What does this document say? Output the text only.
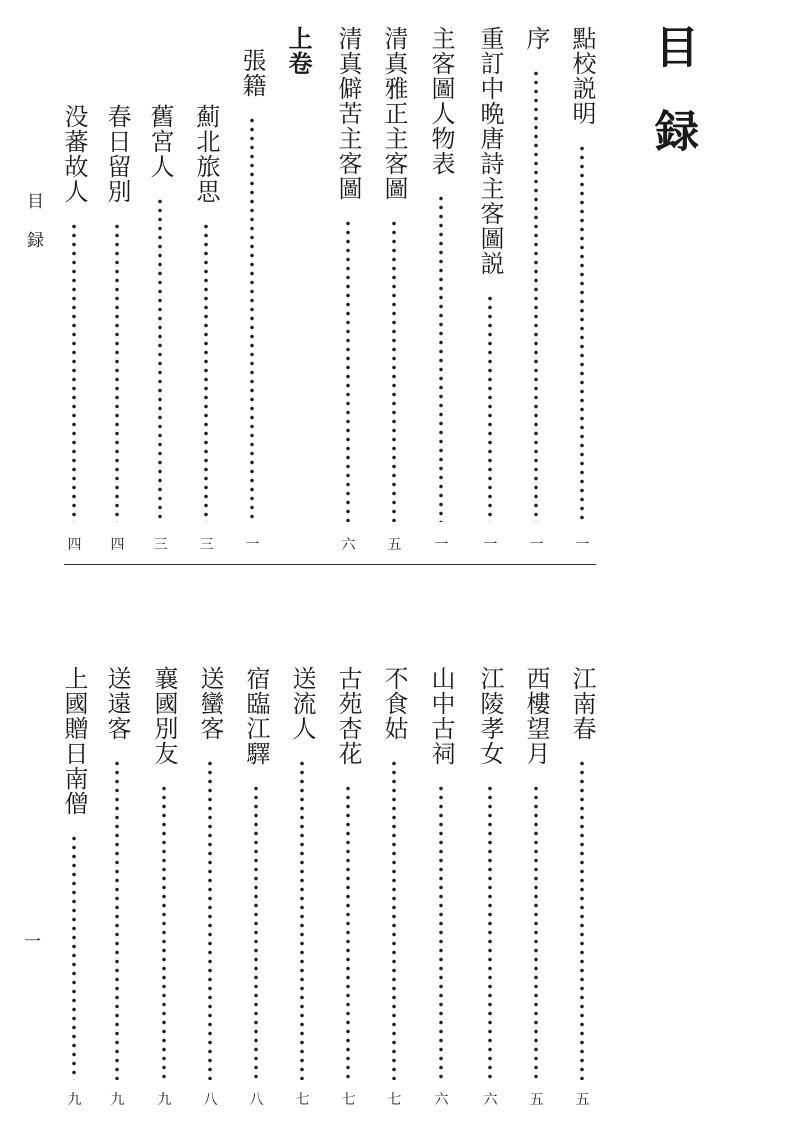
目録
點校説明
一
序
一
重訂中晩唐詩主客圖説
一
主客圖人物表
一
清真雅正主客圖
五
清真僻苦主客圖
六
上卷
張籍
一
薊北旅思
三
舊宮人
三
春日留別
四
没蕃故人
四
江南春
五
西樓望月
五
江陵孝女
六
山中古祠
六
不食姑
七
古苑杏花
七
送流人
七
宿臨江驛
八
送蠻客
八
襄國別友
九
送遠客
九
上國贈日南僧
九
目録
一
